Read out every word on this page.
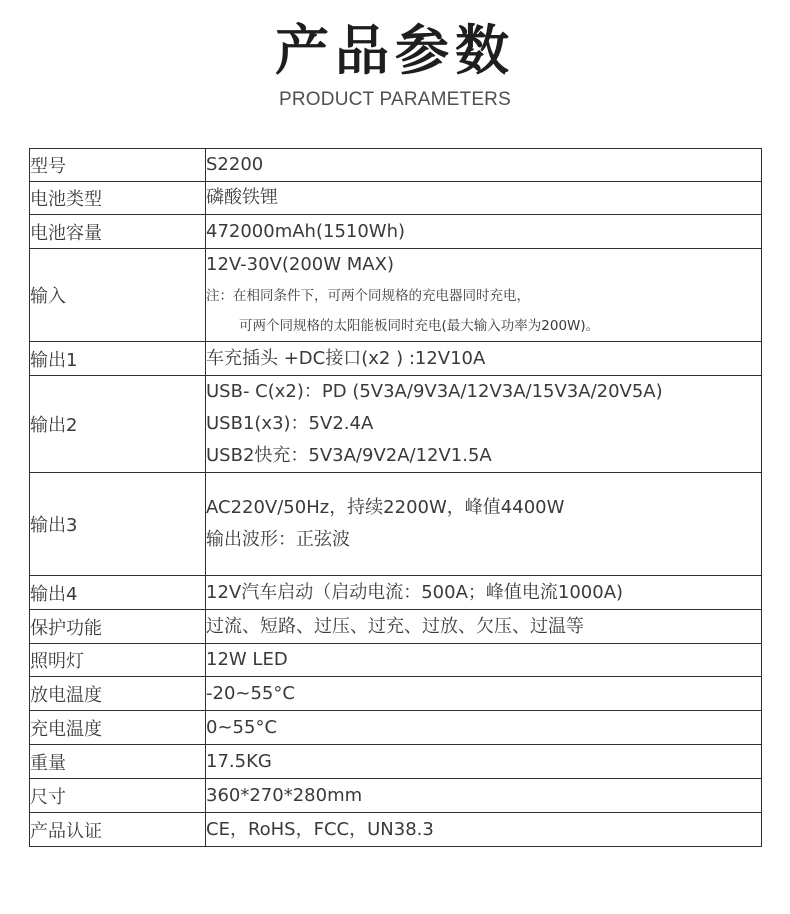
产品参数
PRODUCT PARAMETERS
型号	S2200

电池类型	磷酸铁锂

电池容量	472000mAh(1510Wh)

输入	12V-30V(200W MAX)
注：在相同条件下，可两个同规格的充电器同时充电，
可两个同规格的太阳能板同时充电(最大输入功率为200W)。

输出1	车充插头 +DC接口(x2 ) :12V10A

输出2	USB- C(x2)：PD (5V3A/9V3A/12V3A/15V3A/20V5A)
USB1(x3)：5V2.4A
USB2快充：5V3A/9V2A/12V1.5A

输出3	AC220V/50Hz，持续2200W，峰值4400W
输出波形：正弦波

输出4	12V汽车启动（启动电流：500A；峰值电流1000A)

保护功能	过流、短路、过压、过充、过放、欠压、过温等

照明灯	12W LED

放电温度	-20~55°C

充电温度	0~55°C

重量	17.5KG

尺寸	360*270*280mm

产品认证	CE，RoHS，FCC，UN38.3
